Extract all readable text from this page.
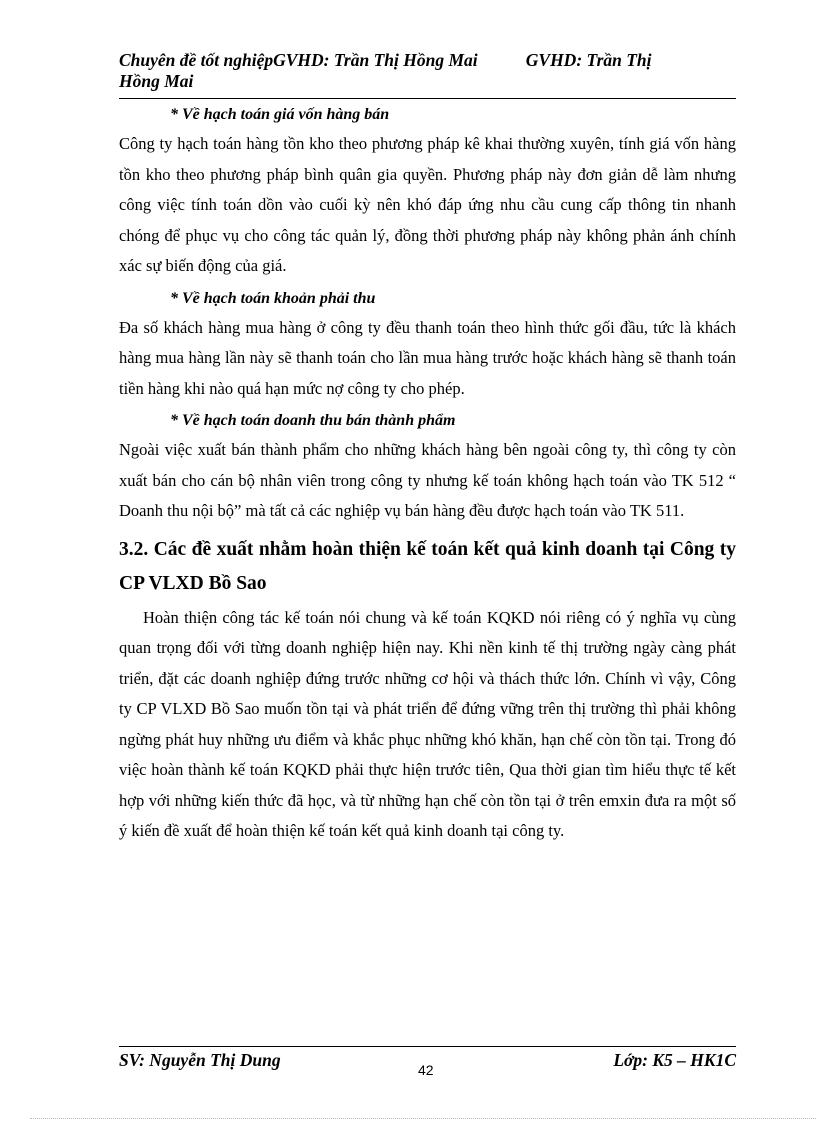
Chuyên đề tốt nghiệpGVHD: Trần Thị Hồng Mai           GVHD: Trần Thị
Hồng Mai
* Về hạch toán giá vốn hàng bán

Công ty hạch toán hàng tồn kho theo phương pháp kê khai thường xuyên, tính giá vốn hàng tồn kho theo phương pháp bình quân gia quyền. Phương pháp này đơn giản dễ làm nhưng công việc tính toán dồn vào cuối kỳ nên khó đáp ứng nhu cầu cung cấp thông tin nhanh chóng để phục vụ cho công tác quản lý, đồng thời phương pháp này không phản ánh chính xác sự biến động của giá.

* Về hạch toán khoản phải thu

Đa số khách hàng mua hàng ở công ty đều thanh toán theo hình thức gối đầu, tức là khách hàng mua hàng lần này sẽ thanh toán cho lần mua hàng trước hoặc khách hàng sẽ thanh toán tiền hàng khi nào quá hạn mức nợ công ty cho phép.

* Về hạch toán doanh thu bán thành phẩm

Ngoài việc xuất bán thành phẩm cho những khách hàng bên ngoài công ty, thì công ty còn xuất bán cho cán bộ nhân viên trong công ty nhưng kế toán không hạch toán vào TK 512 “ Doanh thu nội bộ” mà tất cả các nghiệp vụ bán hàng đều được hạch toán vào TK 511.

3.2. Các đề xuất nhằm hoàn thiện kế toán kết quả kinh doanh tại Công ty CP VLXD Bồ Sao

Hoàn thiện công tác kế toán nói chung và kế toán KQKD nói riêng có ý nghĩa vụ cùng quan trọng đối với từng doanh nghiệp hiện nay. Khi nền kinh tế thị trường ngày càng phát triển, đặt các doanh nghiệp đứng trước những cơ hội và thách thức lớn. Chính vì vậy, Công ty CP VLXD Bồ Sao muốn tồn tại và phát triển để đứng vững trên thị trường thì phải không ngừng phát huy những ưu điểm và khắc phục những khó khăn, hạn chế còn tồn tại. Trong đó việc hoàn thành kế toán KQKD phải thực hiện trước tiên, Qua thời gian tìm hiểu thực tế kết hợp với những kiến thức đã học, và từ những hạn chế còn tồn tại ở trên emxin đưa ra một số ý kiến đề xuất để hoàn thiện kế toán kết quả kinh doanh tại công ty.

SV: Nguyễn Thị Dung	42	Lớp: K5 – HK1C
